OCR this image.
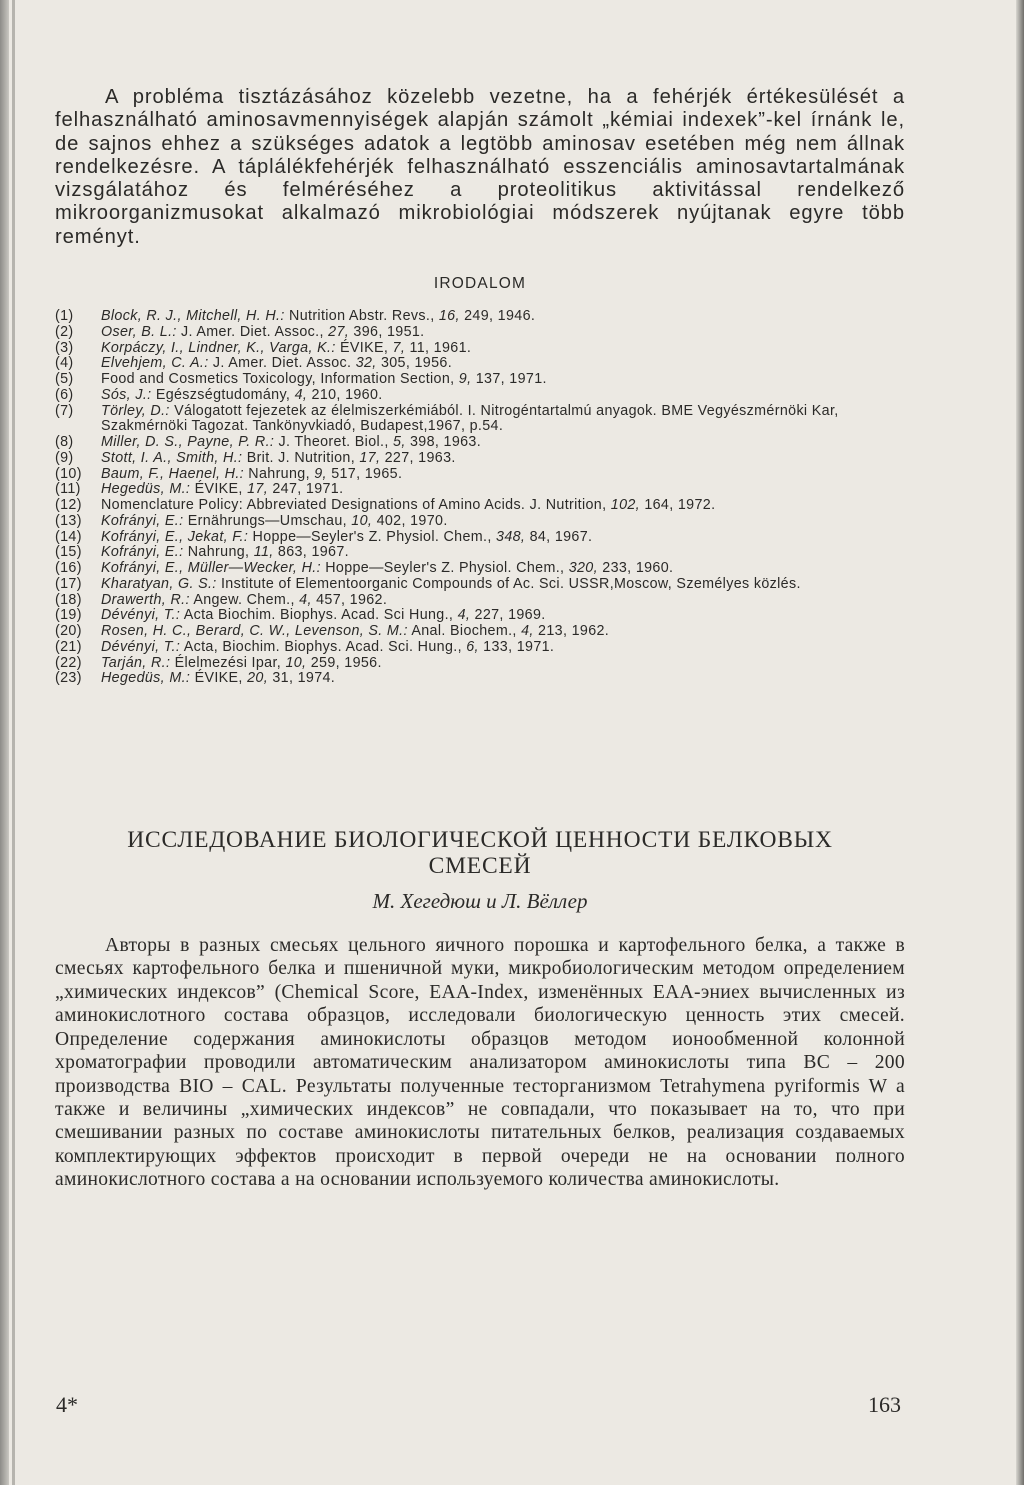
A probléma tisztázásához közelebb vezetne, ha a fehérjék értékesülését a felhasználható aminosavmennyiségek alapján számolt „kémiai indexek”-kel írnánk le, de sajnos ehhez a szükséges adatok a legtöbb aminosav esetében még nem állnak rendelkezésre. A táplálékfehérjék felhasználható esszenciális aminosavtartalmának vizsgálatához és felméréséhez a proteolitikus aktivitással rendelkező mikroorganizmusokat alkalmazó mikrobiológiai módszerek nyújtanak egyre több reményt.

IRODALOM
(1)	Block, R. J., Mitchell, H. H.: Nutrition Abstr. Revs., 16, 249, 1946.
(2)	Oser, B. L.: J. Amer. Diet. Assoc., 27, 396, 1951.
(3)	Korpáczy, I., Lindner, K., Varga, K.: ÉVIKE, 7, 11, 1961.
(4)	Elvehjem, C. A.: J. Amer. Diet. Assoc. 32, 305, 1956.
(5)	Food and Cosmetics Toxicology, Information Section, 9, 137, 1971.
(6)	Sós, J.: Egészségtudomány, 4, 210, 1960.
(7)	Törley, D.: Válogatott fejezetek az élelmiszerkémiából. I. Nitrogéntartalmú anyagok. BME Vegyészmérnöki Kar, Szakmérnöki Tagozat. Tankönyvkiadó, Budapest,1967, p.54.
(8)	Miller, D. S., Payne, P. R.: J. Theoret. Biol., 5, 398, 1963.
(9)	Stott, I. A., Smith, H.: Brit. J. Nutrition, 17, 227, 1963.
(10)	Baum, F., Haenel, H.: Nahrung, 9, 517, 1965.
(11)	Hegedüs, M.: ÉVIKE, 17, 247, 1971.
(12)	Nomenclature Policy: Abbreviated Designations of Amino Acids. J. Nutrition, 102, 164, 1972.
(13)	Kofrányi, E.: Ernährungs—Umschau, 10, 402, 1970.
(14)	Kofrányi, E., Jekat, F.: Hoppe—Seyler's Z. Physiol. Chem., 348, 84, 1967.
(15)	Kofrányi, E.: Nahrung, 11, 863, 1967.
(16)	Kofrányi, E., Müller—Wecker, H.: Hoppe—Seyler's Z. Physiol. Chem., 320, 233, 1960.
(17)	Kharatyan, G. S.: Institute of Elementoorganic Compounds of Ac. Sci. USSR,Moscow, Személyes közlés.
(18)	Drawerth, R.: Angew. Chem., 4, 457, 1962.
(19)	Dévényi, T.: Acta Biochim. Biophys. Acad. Sci Hung., 4, 227, 1969.
(20)	Rosen, H. C., Berard, C. W., Levenson, S. M.: Anal. Biochem., 4, 213, 1962.
(21)	Dévényi, T.: Acta, Biochim. Biophys. Acad. Sci. Hung., 6, 133, 1971.
(22)	Tarján, R.: Élelmezési Ipar, 10, 259, 1956.
(23)	Hegedüs, M.: ÉVIKE, 20, 31, 1974.
ИССЛЕДОВАНИЕ БИОЛОГИЧЕСКОЙ ЦЕННОСТИ БЕЛКОВЫХ СМЕСЕЙ
М. Хегедюш и Л. Вёллер

Авторы в разных смесьях цельного яичного порошка и картофельного белка, а также в смесьях картофельного белка и пшеничной муки, микробиологическим методом определением „химических индексов” (Chemical Score, EAA-Index, изменённых EAA-эниех вычисленных из аминокислотного состава образцов, исследовали биологическую ценность этих смесей. Определение содержания аминокислоты образцов методом ионообменной колонной хроматографии проводили автоматическим анализатором аминокислоты типа BC – 200 производства BIO – CAL. Результаты полученные тесторганизмом Tetrahymena pyriformis W а также и величины „химических индексов” не совпадали, что показывает на то, что при смешивании разных по составе аминокислоты питательных белков, реализация создаваемых комплектирующих эффектов происходит в первой очереди не на основании полного аминокислотного состава а на основании используемого количества аминокислоты.

4*	163
